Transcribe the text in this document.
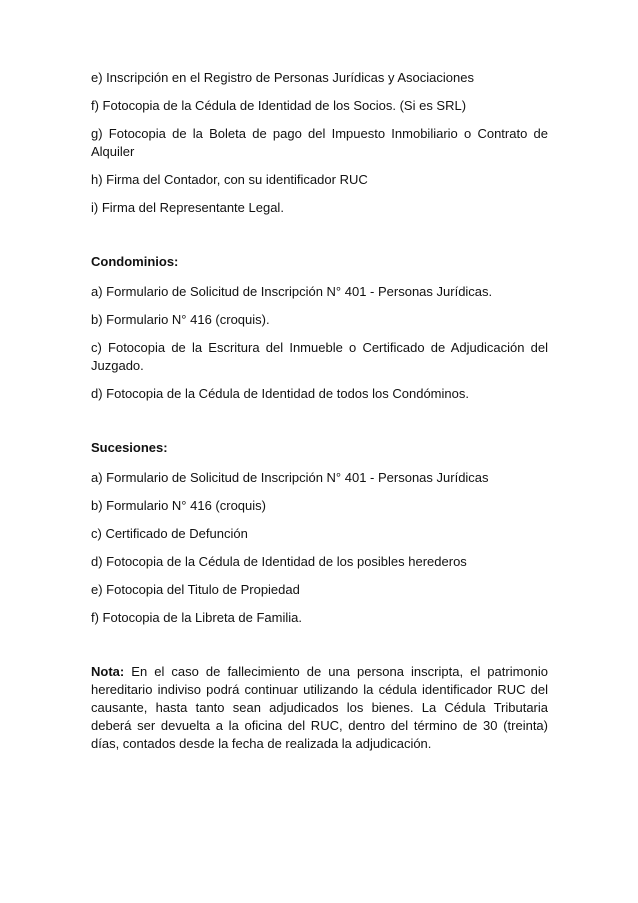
e) Inscripción en el Registro de Personas Jurídicas y Asociaciones

f) Fotocopia de la Cédula de Identidad de los Socios. (Si es SRL)

g) Fotocopia de la Boleta de pago del Impuesto Inmobiliario o Contrato de Alquiler

h) Firma del Contador, con su identificador RUC

i) Firma del Representante Legal.

Condominios:

a) Formulario de Solicitud de Inscripción N° 401 - Personas Jurídicas.

b) Formulario N° 416 (croquis).

c) Fotocopia de la Escritura del Inmueble o Certificado de Adjudicación del Juzgado.

d) Fotocopia de la Cédula de Identidad de todos los Condóminos.

Sucesiones:

a) Formulario de Solicitud de Inscripción N° 401 - Personas Jurídicas

b) Formulario N° 416 (croquis)

c) Certificado de Defunción

d) Fotocopia de la Cédula de Identidad de los posibles herederos

e) Fotocopia del Titulo de Propiedad

f) Fotocopia de la Libreta de Familia.

Nota: En el caso de fallecimiento de una persona inscripta, el patrimonio hereditario indiviso podrá continuar utilizando la cédula identificador RUC del causante, hasta tanto sean adjudicados los bienes. La Cédula Tributaria deberá ser devuelta a la oficina del RUC, dentro del término de 30 (treinta) días, contados desde la fecha de realizada la adjudicación.
